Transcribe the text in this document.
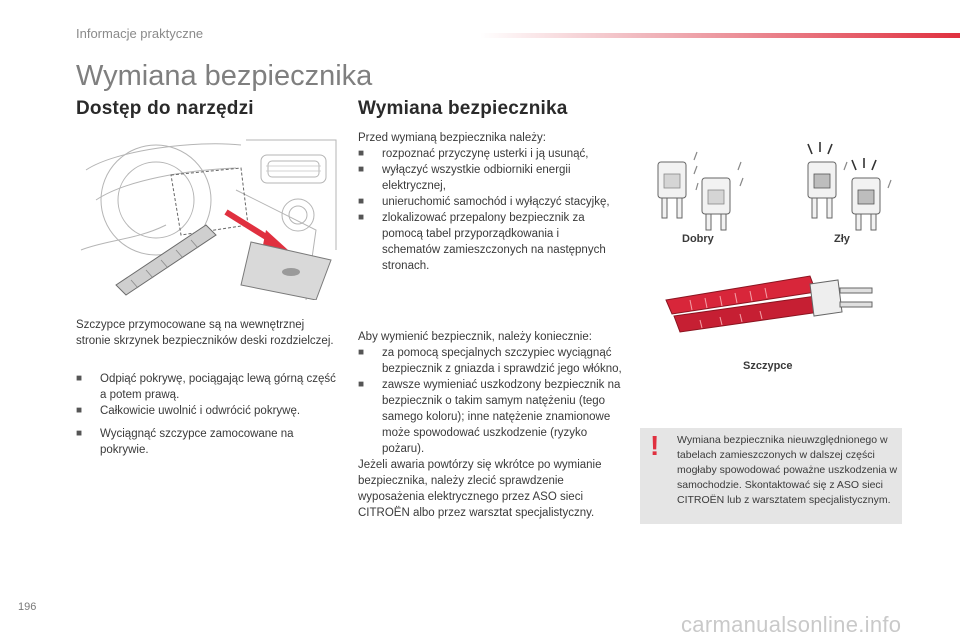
Informacje praktyczne
Wymiana bezpiecznika
Dostęp do narzędzi
Szczypce przymocowane są na wewnętrznej stronie skrzynek bezpieczników deski rozdzielczej.
■ Odpiąć pokrywę, pociągając lewą górną część a potem prawą.
■ Całkowicie uwolnić i odwrócić pokrywę.
■ Wyciągnąć szczypce zamocowane na pokrywie.
Wymiana bezpiecznika
Przed wymianą bezpiecznika należy:
■ rozpoznać przyczynę usterki i ją usunąć,
■ wyłączyć wszystkie odbiorniki energii elektrycznej,
■ unieruchomić samochód i wyłączyć stacyjkę,
■ zlokalizować przepalony bezpiecznik za pomocą tabel przyporządkowania i schematów zamieszczonych na następnych stronach.
Aby wymienić bezpiecznik, należy koniecznie:
■ za pomocą specjalnych szczypiec wyciągnąć bezpiecznik z gniazda i sprawdzić jego włókno,
■ zawsze wymieniać uszkodzony bezpiecznik na bezpiecznik o takim samym natężeniu (tego samego koloru); inne natężenie znamionowe może spowodować uszkodzenie (ryzyko pożaru).
Jeżeli awaria powtórzy się wkrótce po wymianie bezpiecznika, należy zlecić sprawdzenie wyposażenia elektrycznego przez ASO sieci CITROËN albo przez warsztat specjalistyczny.
Dobry	Zły
Szczypce
! Wymiana bezpiecznika nieuwzględnionego w tabelach zamieszczonych w dalszej części mogłaby spowodować poważne uszkodzenia w samochodzie. Skontaktować się z ASO sieci CITROËN lub z warsztatem specjalistycznym.
196
carmanualsonline.info
